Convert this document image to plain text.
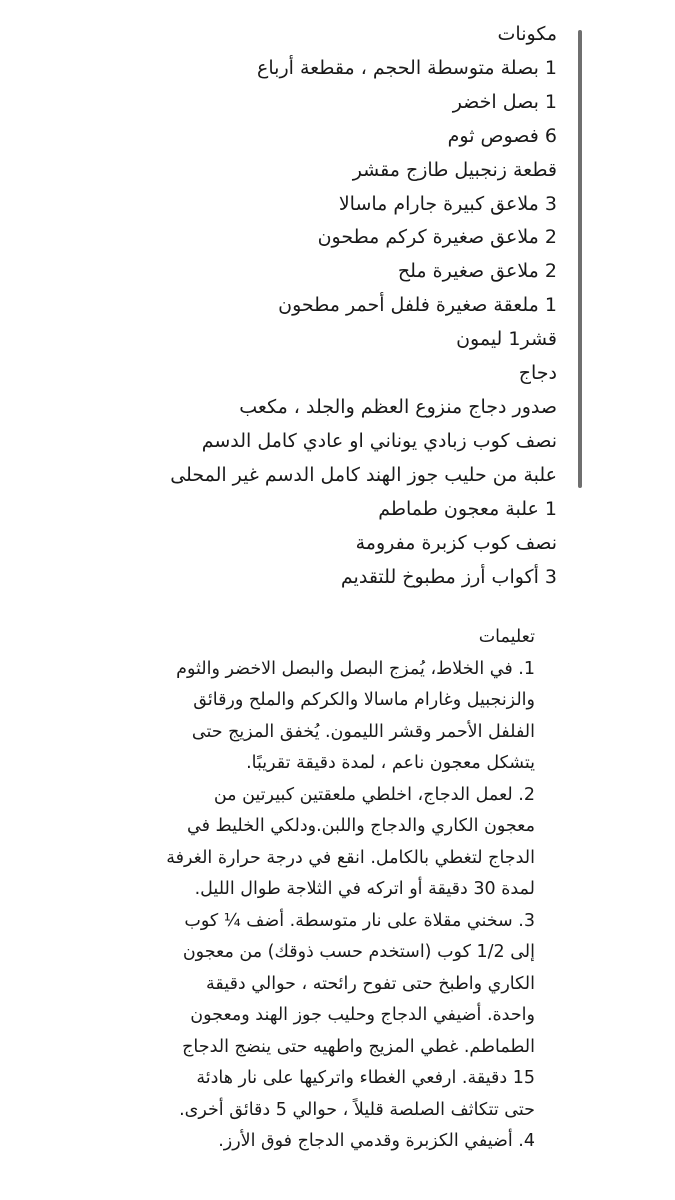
مكونات
1 بصلة متوسطة الحجم ، مقطعة أرباع
1 بصل اخضر
6 فصوص ثوم
قطعة زنجبيل طازج مقشر
3 ملاعق كبيرة جارام ماسالا
2 ملاعق صغيرة كركم مطحون
2 ملاعق صغيرة ملح
1 ملعقة صغيرة فلفل أحمر مطحون
قشر1 ليمون
دجاج
صدور دجاج منزوع العظم والجلد ، مكعب
نصف كوب زبادي يوناني او عادي كامل الدسم
علبة من حليب جوز الهند كامل الدسم غير المحلى
1 علبة معجون طماطم
نصف كوب كزبرة مفرومة
3 أكواب أرز مطبوخ للتقديم
تعليمات
1. في الخلاط، يُمزج البصل والبصل الاخضر والثوم
والزنجبيل وغارام ماسالا والكركم والملح ورقائق
الفلفل الأحمر وقشر الليمون. يُخفق المزيج حتى
يتشكل معجون ناعم ، لمدة دقيقة تقريبًا.
2. لعمل الدجاج، اخلطي ملعقتين كبيرتين من
معجون الكاري والدجاج واللبن.ودلكي الخليط في
الدجاج لتغطي بالكامل. انقع في درجة حرارة الغرفة
لمدة 30 دقيقة أو اتركه في الثلاجة طوال الليل.
3. سخني مقلاة على نار متوسطة. أضف ¼ كوب
إلى 1/2 كوب (استخدم حسب ذوقك) من معجون
الكاري واطبخ حتى تفوح رائحته ، حوالي دقيقة
واحدة. أضيفي الدجاج وحليب جوز الهند ومعجون
الطماطم. غطي المزيج واطهيه حتى ينضج الدجاج
15 دقيقة. ارفعي الغطاء واتركيها على نار هادئة
حتى تتكاثف الصلصة قليلاً ، حوالي 5 دقائق أخرى.
4. أضيفي الكزبرة وقدمي الدجاج فوق الأرز.
